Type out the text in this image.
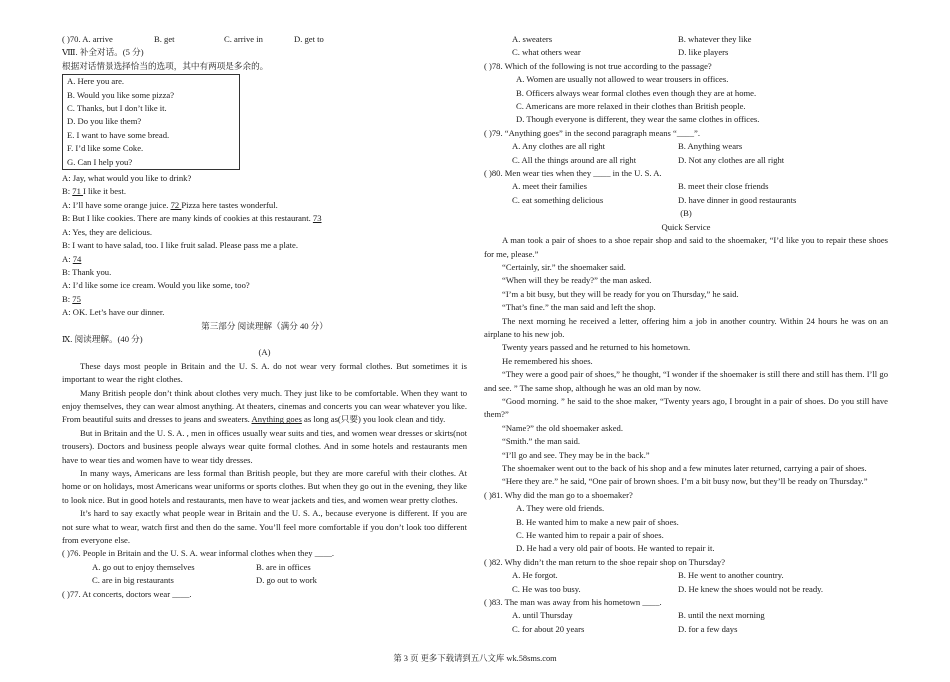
( )70. A. arrive	B. get	C. arrive in	D. get to
Ⅷ. 补全对话。(5 分)
根据对话情景选择恰当的选项，其中有两项是多余的。
A. Here you are.
B. Would you like some pizza?
C. Thanks, but I don’t like it.
D. Do you like them?
E. I want to have some bread.
F. I’d like some Coke.
G. Can I help you?
A: Jay, what would you like to drink?
B: 71 I like it best.
A: I’ll have some orange juice. 72 Pizza here tastes wonderful.
B: But I like cookies. There are many kinds of cookies at this restaurant. 73
A: Yes, they are delicious.
B: I want to have salad, too. I like fruit salad. Please pass me a plate.
A: 74
B: Thank you.
A: I’d like some ice cream. Would you like some, too?
B: 75
A: OK. Let’s have our dinner.
第三部分 阅读理解（满分 40 分）
Ⅸ. 阅读理解。(40 分)
(A)
These days most people in Britain and the U. S. A. do not wear very formal clothes. But sometimes it is important to wear the right clothes.
Many British people don’t think about clothes very much. They just like to be comfortable. When they want to enjoy themselves, they can wear almost anything. At theaters, cinemas and concerts you can wear whatever you like. From beautiful suits and dresses to jeans and sweaters. Anything goes as long as(只要) you look clean and tidy.
But in Britain and the U. S. A. , men in offices usually wear suits and ties, and women wear dresses or skirts(not trousers). Doctors and business people always wear quite formal clothes. And in some hotels and restaurants men have to wear ties and women have to wear tidy dresses.
In many ways, Americans are less formal than British people, but they are more careful with their clothes. At home or on holidays, most Americans wear uniforms or sports clothes. But when they go out in the evening, they like to look nice. But in good hotels and restaurants, men have to wear jackets and ties, and women wear pretty clothes.
It’s hard to say exactly what people wear in Britain and the U. S. A., because everyone is different. If you are not sure what to wear, watch first and then do the same. You’ll feel more comfortable if you don’t look too different from everyone else.
( )76. People in Britain and the U. S. A. wear informal clothes when they ____.
A. go out to enjoy themselves	B. are in offices
C. are in big restaurants	D. go out to work
( )77. At concerts, doctors wear ____.
A. sweaters	B. whatever they like
C. what others wear	D. like players
( )78. Which of the following is not true according to the passage?
A. Women are usually not allowed to wear trousers in offices.
B. Officers always wear formal clothes even though they are at home.
C. Americans are more relaxed in their clothes than British people.
D. Though everyone is different, they wear the same clothes in offices.
( )79. “Anything goes” in the second paragraph means “____”.
A. Any clothes are all right	B. Anything wears
C. All the things around are all right	D. Not any clothes are all right
( )80. Men wear ties when they ____ in the U. S. A.
A. meet their families	B. meet their close friends
C. eat something delicious	D. have dinner in good restaurants
(B)
Quick Service
A man took a pair of shoes to a shoe repair shop and said to the shoemaker, “I’d like you to repair these shoes for me, please.”
“Certainly, sir.” the shoemaker said.
“When will they be ready?” the man asked.
“I’m a bit busy, but they will be ready for you on Thursday,” he said.
“That’s fine.” the man said and left the shop.
The next morning he received a letter, offering him a job in another country. Within 24 hours he was on an airplane to his new job.
Twenty years passed and he returned to his hometown.
He remembered his shoes.
“They were a good pair of shoes,” he thought, “I wonder if the shoemaker is still there and still has them. I’ll go and see. ” The same shop, although he was an old man by now.
“Good morning. ” he said to the shoe maker, “Twenty years ago, I brought in a pair of shoes. Do you still have them?”
“Name?” the old shoemaker asked.
“Smith.” the man said.
“I’ll go and see. They may be in the back.”
The shoemaker went out to the back of his shop and a few minutes later returned, carrying a pair of shoes.
“Here they are.” he said, “One pair of brown shoes. I’m a bit busy now, but they’ll be ready on Thursday.”
( )81. Why did the man go to a shoemaker?
A. They were old friends.
B. He wanted him to make a new pair of shoes.
C. He wanted him to repair a pair of shoes.
D. He had a very old pair of boots. He wanted to repair it.
( )82. Why didn’t the man return to the shoe repair shop on Thursday?
A. He forgot.	B. He went to another country.
C. He was too busy.	D. He knew the shoes would not be ready.
( )83. The man was away from his hometown ____.
A. until Thursday	B. until the next morning
C. for about 20 years	D. for a few days
第 3 页 更多下载请到五八文库 wk.58sms.com
